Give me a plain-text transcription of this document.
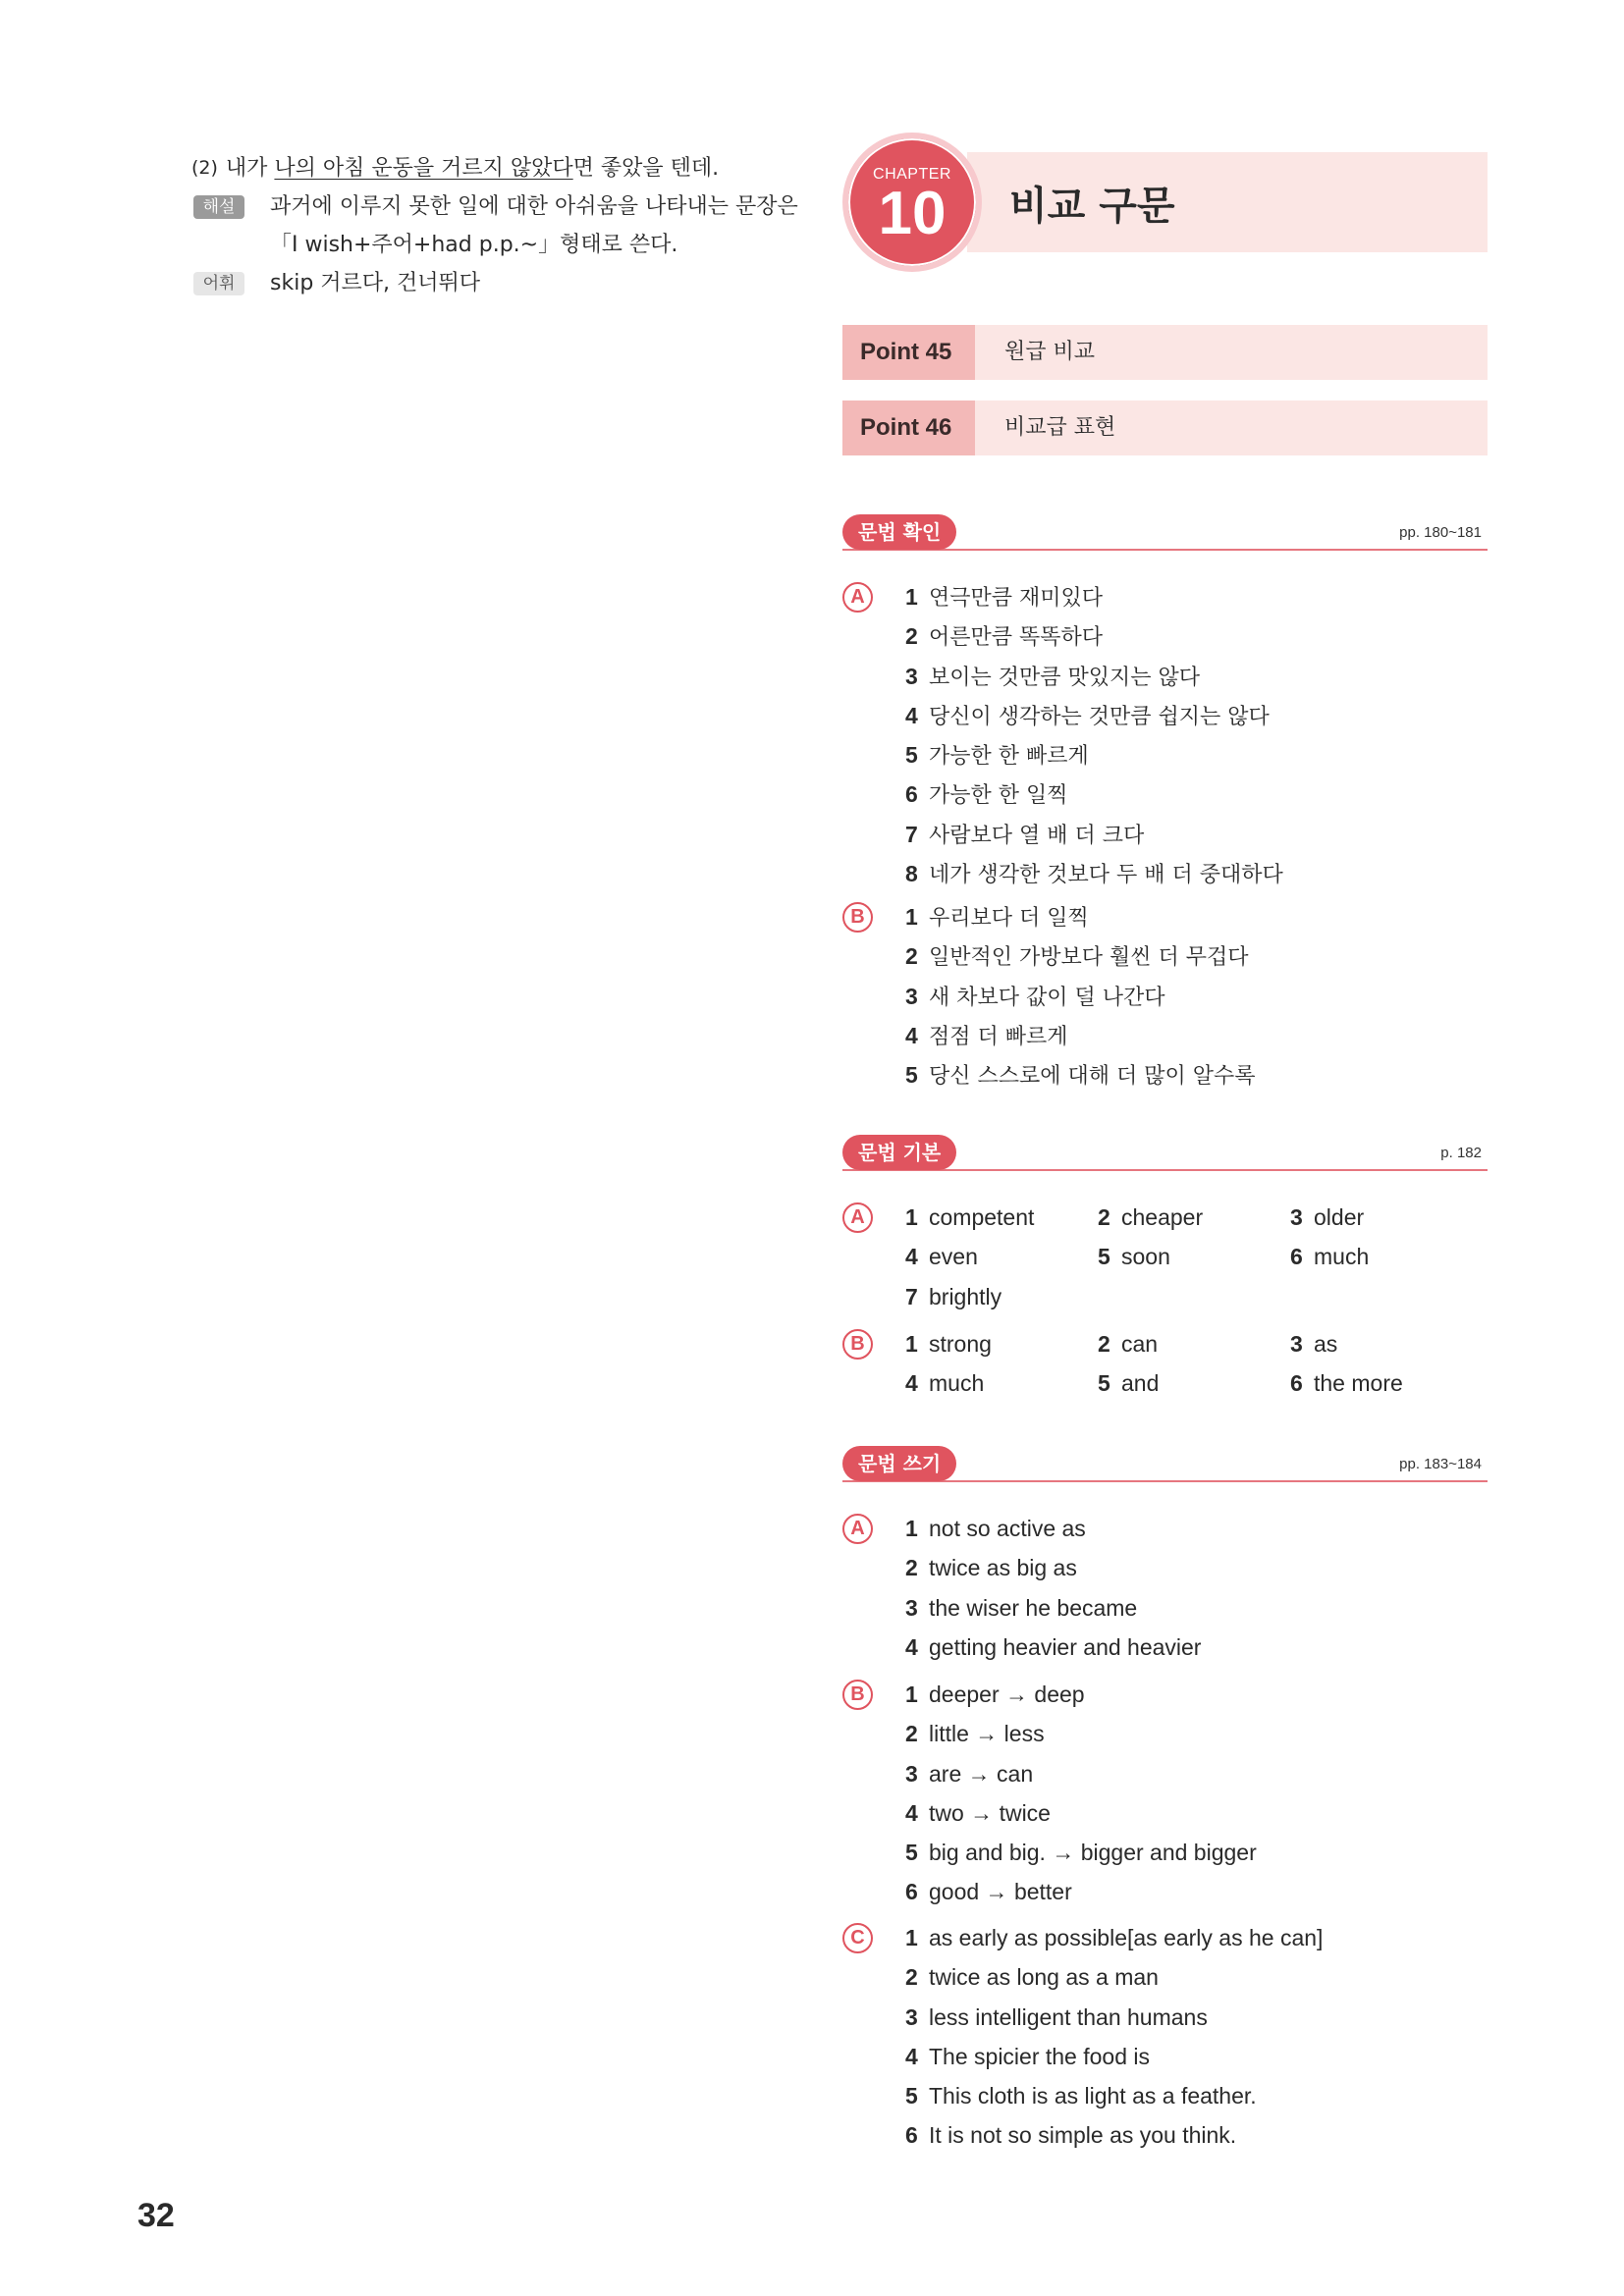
(2) 내가 나의 아침 운동을 거르지 않았다면 좋았을 텐데.
해설	과거에 이루지 못한 일에 대한 아쉬움을 나타내는 문장은「I wish+주어+had p.p.~」형태로 쓴다.
어휘	skip 거르다, 건너뛰다
CHAPTER
10	비교 구문
Point 45	원급 비교
Point 46	비교급 표현
문법 확인	pp. 180~181
A	1 연극만큼 재미있다
2 어른만큼 똑똑하다
3 보이는 것만큼 맛있지는 않다
4 당신이 생각하는 것만큼 쉽지는 않다
5 가능한 한 빠르게
6 가능한 한 일찍
7 사람보다 열 배 더 크다
8 네가 생각한 것보다 두 배 더 중대하다
B	1 우리보다 더 일찍
2 일반적인 가방보다 훨씬 더 무겁다
3 새 차보다 값이 덜 나간다
4 점점 더 빠르게
5 당신 스스로에 대해 더 많이 알수록
문법 기본	p. 182
A	1 competent	2 cheaper	3 older
4 even	5 soon	6 much
7 brightly
B	1 strong	2 can	3 as
4 much	5 and	6 the more
문법 쓰기	pp. 183~184
A	1 not so active as
2 twice as big as
3 the wiser he became
4 getting heavier and heavier
B	1 deeper → deep
2 little → less
3 are → can
4 two → twice
5 big and big. → bigger and bigger
6 good → better
C	1 as early as possible[as early as he can]
2 twice as long as a man
3 less intelligent than humans
4 The spicier the food is
5 This cloth is as light as a feather.
6 It is not so simple as you think.
32
